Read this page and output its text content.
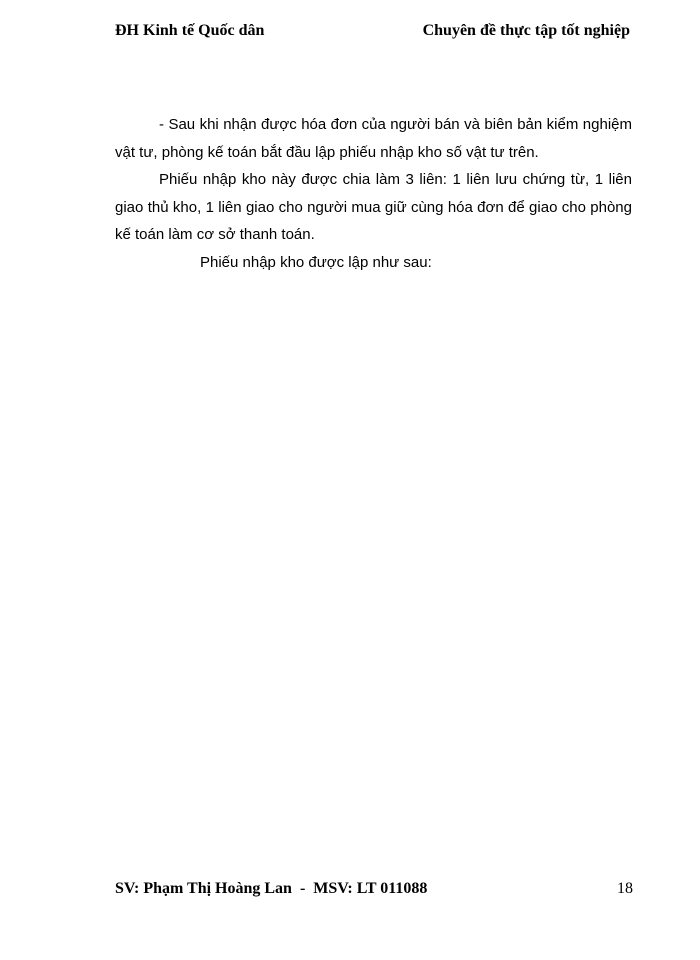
ĐH Kinh tế Quốc dân	Chuyên đề thực tập tốt nghiệp

- Sau khi nhận được hóa đơn của người bán và biên bản kiểm nghiệm vật tư, phòng kế toán bắt đầu lập phiếu nhập kho số vật tư trên.

Phiếu nhập kho này được chia làm 3 liên: 1 liên lưu chứng từ, 1 liên giao thủ kho, 1 liên giao cho người mua giữ cùng hóa đơn để giao cho phòng kế toán làm cơ sở thanh toán.

Phiếu nhập kho được lập như sau:

SV: Phạm Thị Hoàng Lan  -  MSV: LT 011088	18
